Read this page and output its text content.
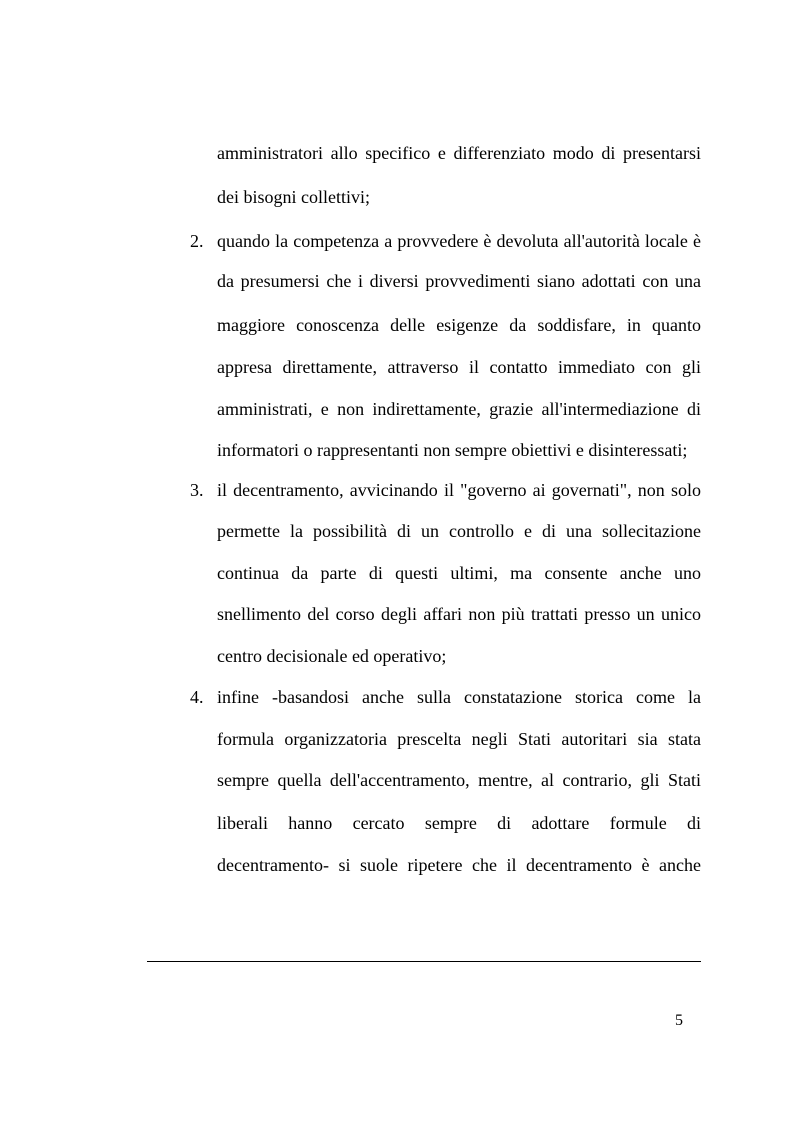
amministratori allo specifico e differenziato modo di presentarsi
dei bisogni collettivi;
2. quando la competenza a provvedere è devoluta all'autorità locale è
da presumersi che i diversi provvedimenti siano adottati con una
maggiore conoscenza delle esigenze da soddisfare, in quanto
appresa direttamente, attraverso il contatto immediato con gli
amministrati, e non indirettamente, grazie all'intermediazione di
informatori o rappresentanti non sempre obiettivi e disinteressati;
3. il decentramento, avvicinando il "governo ai governati", non solo
permette la possibilità di un controllo e di una sollecitazione
continua da parte di questi ultimi, ma consente anche uno
snellimento del corso degli affari non più trattati presso un unico
centro decisionale ed operativo;
4. infine -basandosi anche sulla constatazione storica come la
formula organizzatoria prescelta negli Stati autoritari sia stata
sempre quella dell'accentramento, mentre, al contrario, gli Stati
liberali hanno cercato sempre di adottare formule di
decentramento- si suole ripetere che il decentramento è anche
5
